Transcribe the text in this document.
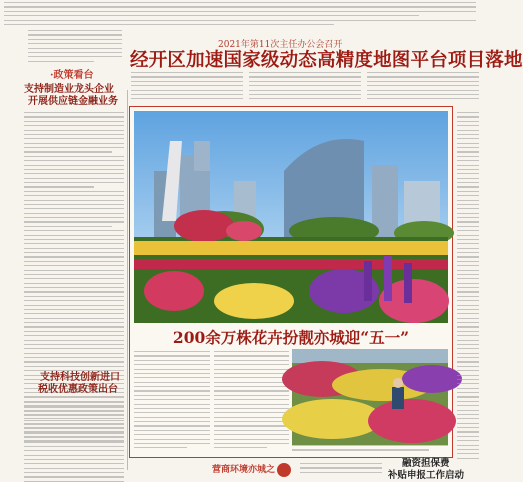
·政策看台
支持制造业龙头企业
开展供应链金融业务
支持科技创新进口
税收优惠政策出台
2021年第11次主任办公会召开
经开区加速国家级动态高精度地图平台项目落地
200余万株花卉扮靓亦城迎“五一”
营商环境亦城之
融资担保费
补贴申报工作启动
